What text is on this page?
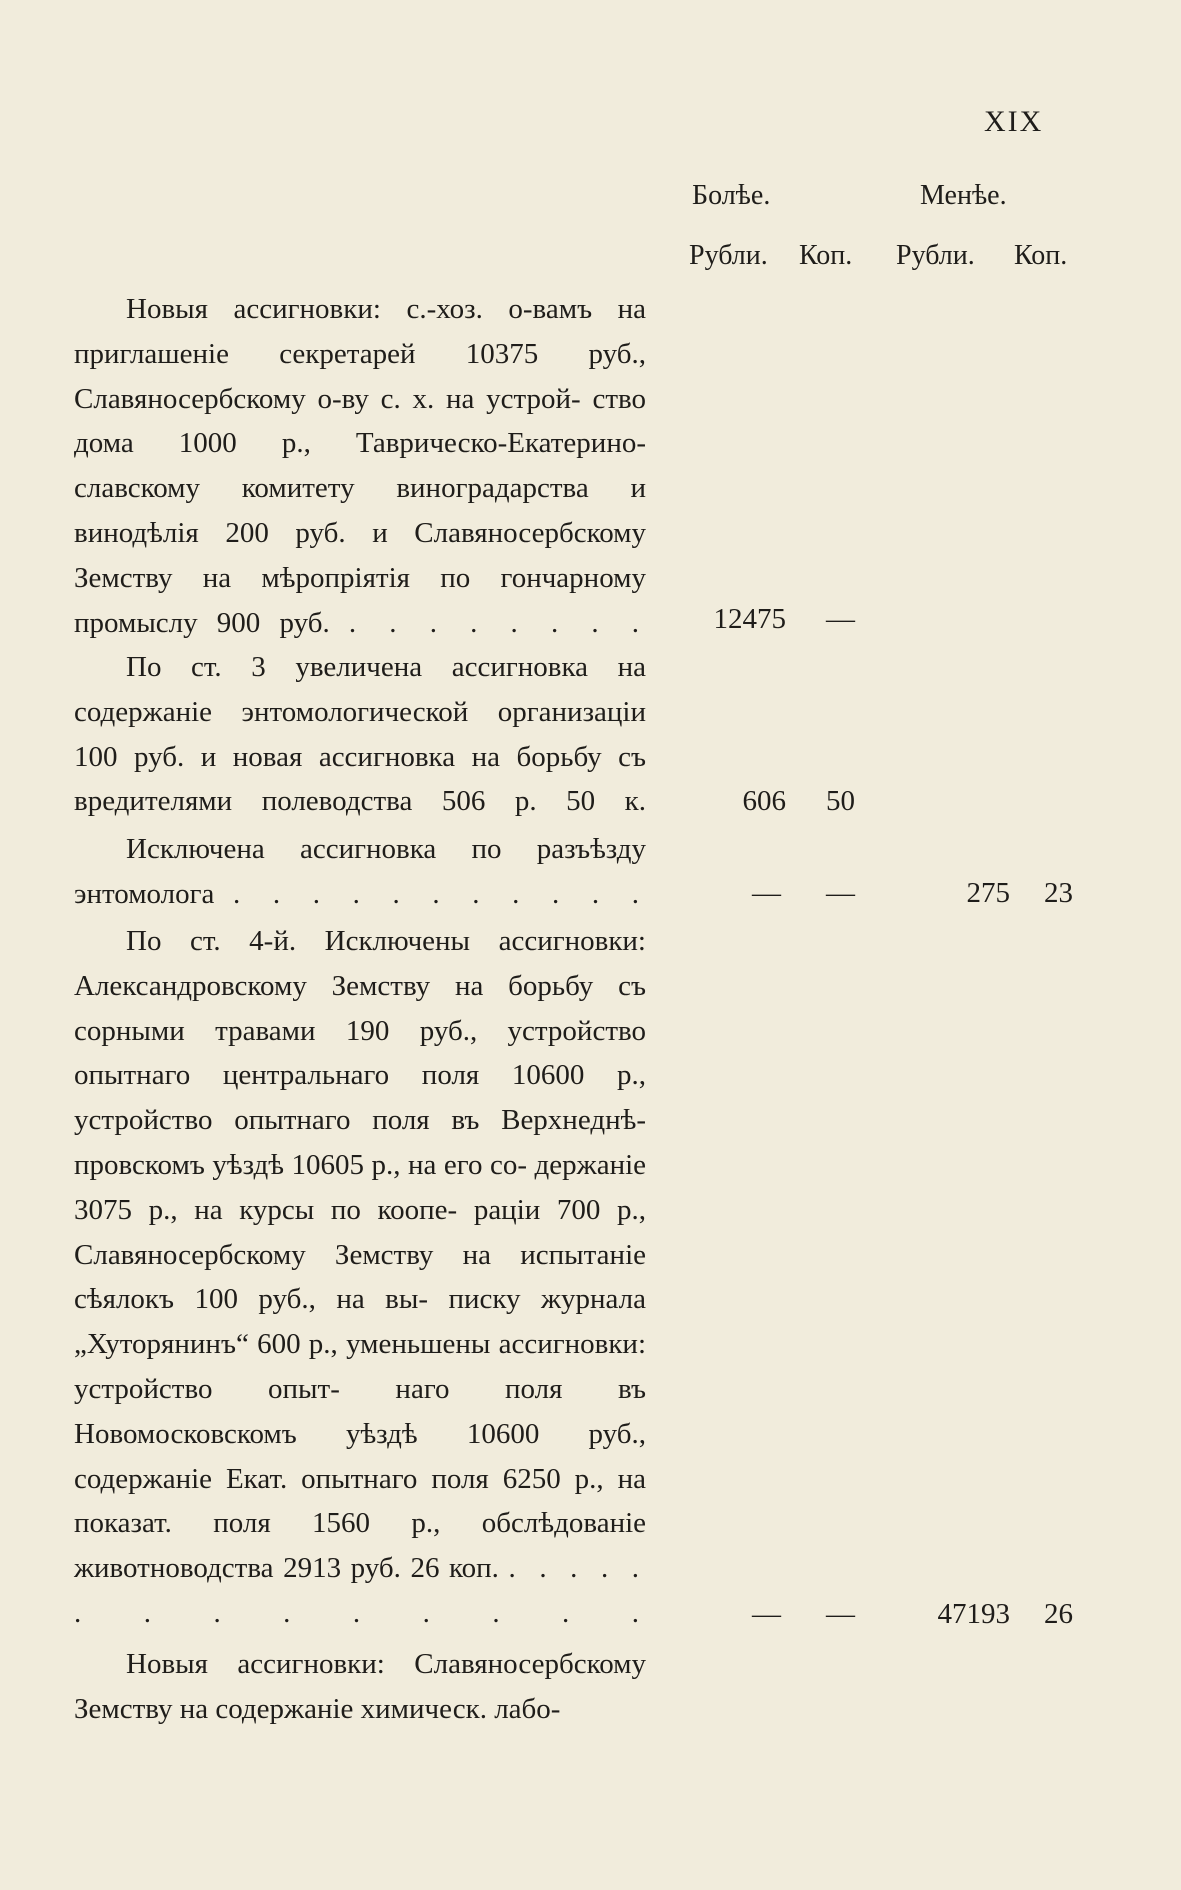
XIX
Болѣе.	Менѣе.
Рубли. Коп. Рубли. Коп.

Новыя ассигновки: с.-хоз. о-вамъ на приглашеніе секретарей 10375 руб., Славяносербскому о-ву с. х. на устрой- ство дома 1000 р., Таврическо-Екатерино- славскому комитету виноградарства и винодѣлія 200 руб. и Славяносербскому Земству на мѣропріятія по гончарному промыслу 900 руб. . . . . . . . .	12475 —

По ст. 3 увеличена ассигновка на содержаніе энтомологической организаціи 100 руб. и новая ассигновка на борьбу съ вредителями полеводства 506 р. 50 к.	606 50

Исключена ассигновка по разъѣзду энтомолога . . . . . . . . . . .	— —	275 23

По ст. 4-й. Исключены ассигновки: Александровскому Земству на борьбу съ сорными травами 190 руб., устройство опытнаго центральнаго поля 10600 р., устройство опытнаго поля въ Верхнеднѣ- провскомъ уѣздѣ 10605 р., на его со- держаніе 3075 р., на курсы по коопе- раціи 700 р., Славяносербскому Земству на испытаніе сѣялокъ 100 руб., на вы- писку журнала „Хуторянинъ“ 600 р., уменьшены ассигновки: устройство опыт- наго поля въ Новомосковскомъ уѣздѣ 10600 руб., содержаніе Екат. опытнаго поля 6250 р., на показат. поля 1560 р., обслѣдованіе животноводства 2913 руб. 26 коп. . . . . . . . . . . . . . .	— —	47193 26

Новыя ассигновки: Славяносербскому Земству на содержаніе химическ. лабо-
